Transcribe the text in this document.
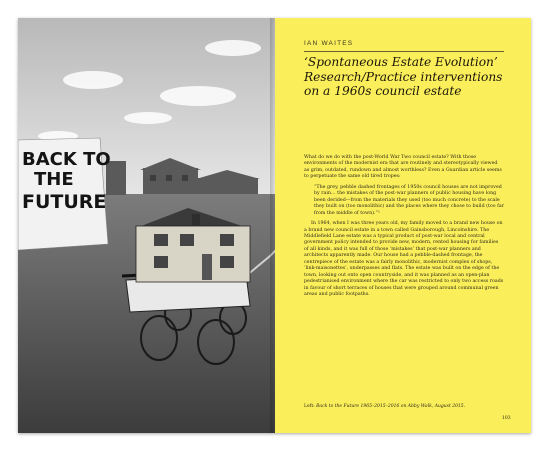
BACK TO
THE
FUTURE
IAN WAITES
‘Spontaneous Estate Evolution’
Research/Practice interventions
on a 1960s council estate

What do we do with the post-World War Two council estate? With those environments of the modernist era that are routinely and stereotypically viewed as grim, outdated, rundown and almost worthless? Even a Guardian article seems to perpetuate the same old tired tropes:

“The grey, pebble dashed frontages of 1950s council houses are not improved by rain… the mistakes of the post-war planners of public housing have long been derided—from the materials they used (too much concrete) to the scale they built on (too monolithic) and the places where they chose to build (too far from the middle of town).”¹

In 1964, when I was three years old, my family moved to a brand new house on a brand new council estate in a town called Gainsborough, Lincolnshire. The Middlefield Lane estate was a typical product of post-war local and central government policy intended to provide new, modern, rented housing for families of all kinds, and it was full of those ‘mistakes’ that post-war planners and architects apparently made. Our house had a pebble-dashed frontage, the centrepiece of the estate was a fairly monolithic, modernist complex of shops, ‘link-maisonettes’, underpasses and flats. The estate was built on the edge of the town, looking out onto open countryside, and it was planned as an open-plan pedestrianised environment where the car was restricted to only two access roads in favour of short terraces of houses that were grouped around communal green areas and public footpaths.

Left: Back to the Future 1965–2015–2016 on Abby Walk, August 2015.
103
